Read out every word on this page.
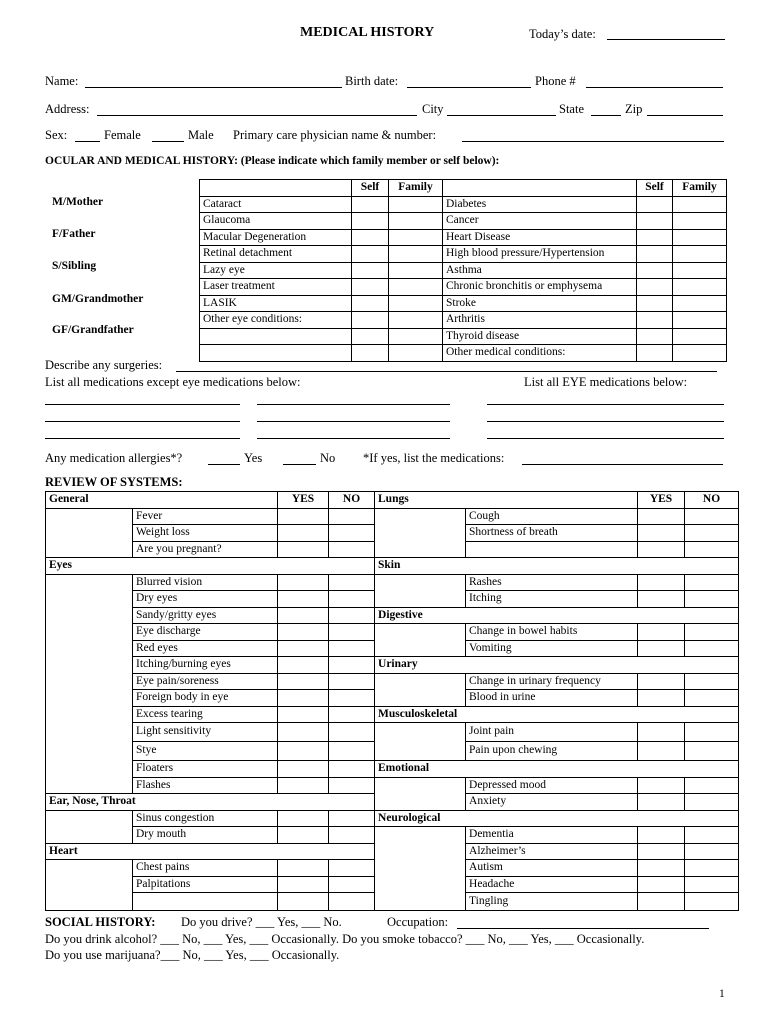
MEDICAL HISTORY	Today’s date:
Name:	Birth date:	Phone #
Address:	City	State	Zip
Sex:	Female	Male Primary care physician name & number:
OCULAR AND MEDICAL HISTORY: (Please indicate which family member or self below):
M/Mother
F/Father
S/Sibling
GM/Grandmother
GF/Grandfather
	Self	Family		Self	Family
Cataract			Diabetes		
Glaucoma			Cancer		
Macular Degeneration			Heart Disease		
Retinal detachment			High blood pressure/Hypertension		
Lazy eye			Asthma		
Laser treatment			Chronic bronchitis or emphysema		
LASIK			Stroke		
Other eye conditions:			Arthritis		
			Thyroid disease		
			Other medical conditions:		
Describe any surgeries:
List all medications except eye medications below:	List all EYE medications below:
Any medication allergies*?	Yes	No *If yes, list the medications:
REVIEW OF SYSTEMS:
General		YES	NO	Lungs		YES	NO
	Fever				Cough		
	Weight loss				Shortness of breath		
	Are you pregnant?						
Eyes				Skin			
	Blurred vision				Rashes		
	Dry eyes				Itching		
	Sandy/gritty eyes			Digestive			
	Eye discharge				Change in bowel habits		
	Red eyes				Vomiting		
	Itching/burning eyes			Urinary			
	Eye pain/soreness				Change in urinary frequency		
	Foreign body in eye				Blood in urine		
	Excess tearing			Musculoskeletal			
	Light sensitivity				Joint pain		
	Stye				Pain upon chewing		
	Floaters			Emotional			
	Flashes				Depressed mood		
Ear, Nose, Throat					Anxiety		
	Sinus congestion			Neurological			
	Dry mouth				Dementia		
Heart					Alzheimer’s		
	Chest pains				Autism		
	Palpitations				Headache		
					Tingling		
SOCIAL HISTORY: Do you drive? ___ Yes, ___ No.	Occupation:
Do you drink alcohol? ___ No, ___ Yes, ___ Occasionally. Do you smoke tobacco? ___ No, ___ Yes, ___ Occasionally.
Do you use marijuana?___ No, ___ Yes, ___ Occasionally.
1
